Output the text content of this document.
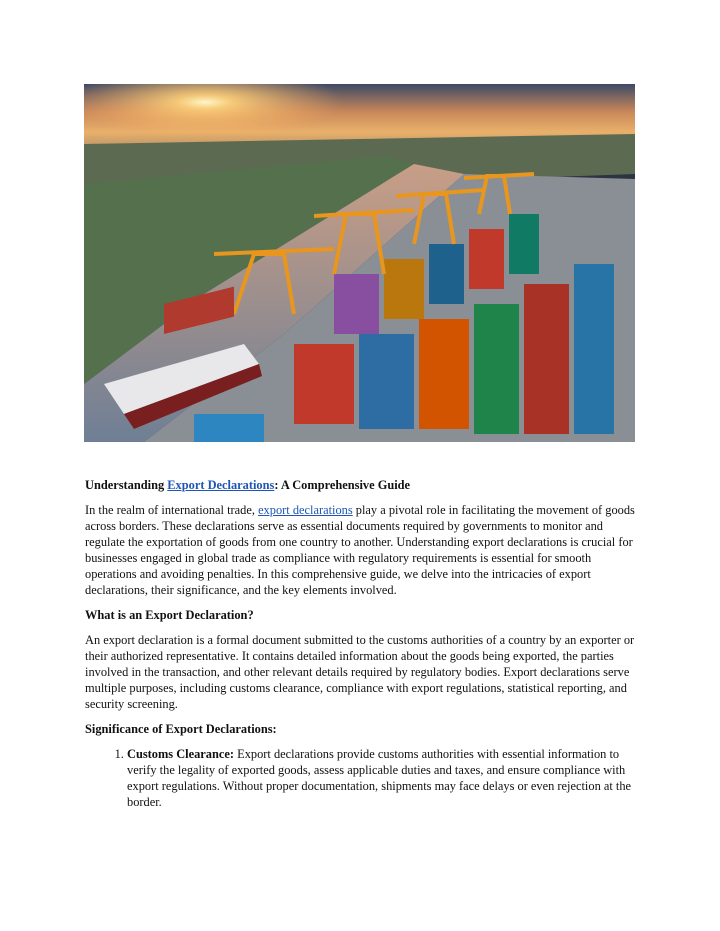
Understanding Export Declarations: A Comprehensive Guide

In the realm of international trade, export declarations play a pivotal role in facilitating the movement of goods across borders. These declarations serve as essential documents required by governments to monitor and regulate the exportation of goods from one country to another. Understanding export declarations is crucial for businesses engaged in global trade as compliance with regulatory requirements is essential for smooth operations and avoiding penalties. In this comprehensive guide, we delve into the intricacies of export declarations, their significance, and the key elements involved.

What is an Export Declaration?

An export declaration is a formal document submitted to the customs authorities of a country by an exporter or their authorized representative. It contains detailed information about the goods being exported, the parties involved in the transaction, and other relevant details required by regulatory bodies. Export declarations serve multiple purposes, including customs clearance, compliance with export regulations, statistical reporting, and security screening.

Significance of Export Declarations:
1. Customs Clearance: Export declarations provide customs authorities with essential information to verify the legality of exported goods, assess applicable duties and taxes, and ensure compliance with export regulations. Without proper documentation, shipments may face delays or even rejection at the border.
